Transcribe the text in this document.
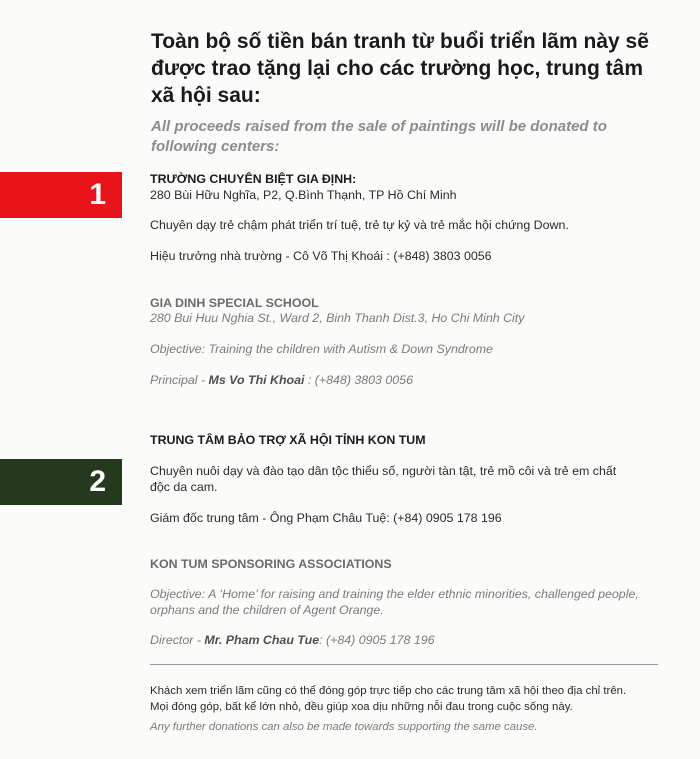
Toàn bộ số tiền bán tranh từ buổi triển lãm này sẽ được trao tặng lại cho các trường học, trung tâm xã hội sau:
All proceeds raised from the sale of paintings will be donated to following centers:
1	TRƯỜNG CHUYÊN BIỆT GIA ĐỊNH:
280 Bùi Hữu Nghĩa, P2, Q.Bình Thạnh, TP Hồ Chí Minh
Chuyên dạy trẻ chậm phát triển trí tuệ, trẻ tự kỷ và trẻ mắc hội chứng Down.
Hiệu trưởng nhà trường - Cô Võ Thị Khoái : (+848) 3803 0056
GIA DINH SPECIAL SCHOOL
280 Bui Huu Nghia St., Ward 2, Binh Thanh Dist.3, Ho Chi Minh City
Objective: Training the children with Autism & Down Syndrome
Principal - Ms Vo Thi Khoai : (+848) 3803 0056
TRUNG TÂM BẢO TRỢ XÃ HỘI TỈNH KON TUM
2	Chuyên nuôi dạy và đào tạo dân tộc thiểu số, người tàn tật, trẻ mồ côi và trẻ em chất độc da cam.
Giám đốc trung tâm - Ông Phạm Châu Tuệ: (+84) 0905 178 196
KON TUM SPONSORING ASSOCIATIONS
Objective: A ‘Home’ for raising and training the elder ethnic minorities, challenged people, orphans and the children of Agent Orange.
Director - Mr. Pham Chau Tue: (+84) 0905 178 196
Khách xem triển lãm cũng có thể đóng góp trực tiếp cho các trung tâm xã hội theo địa chỉ trên.
Mọi đóng góp, bất kể lớn nhỏ, đều giúp xoa dịu những nỗi đau trong cuộc sống này.
Any further donations can also be made towards supporting the same cause.
